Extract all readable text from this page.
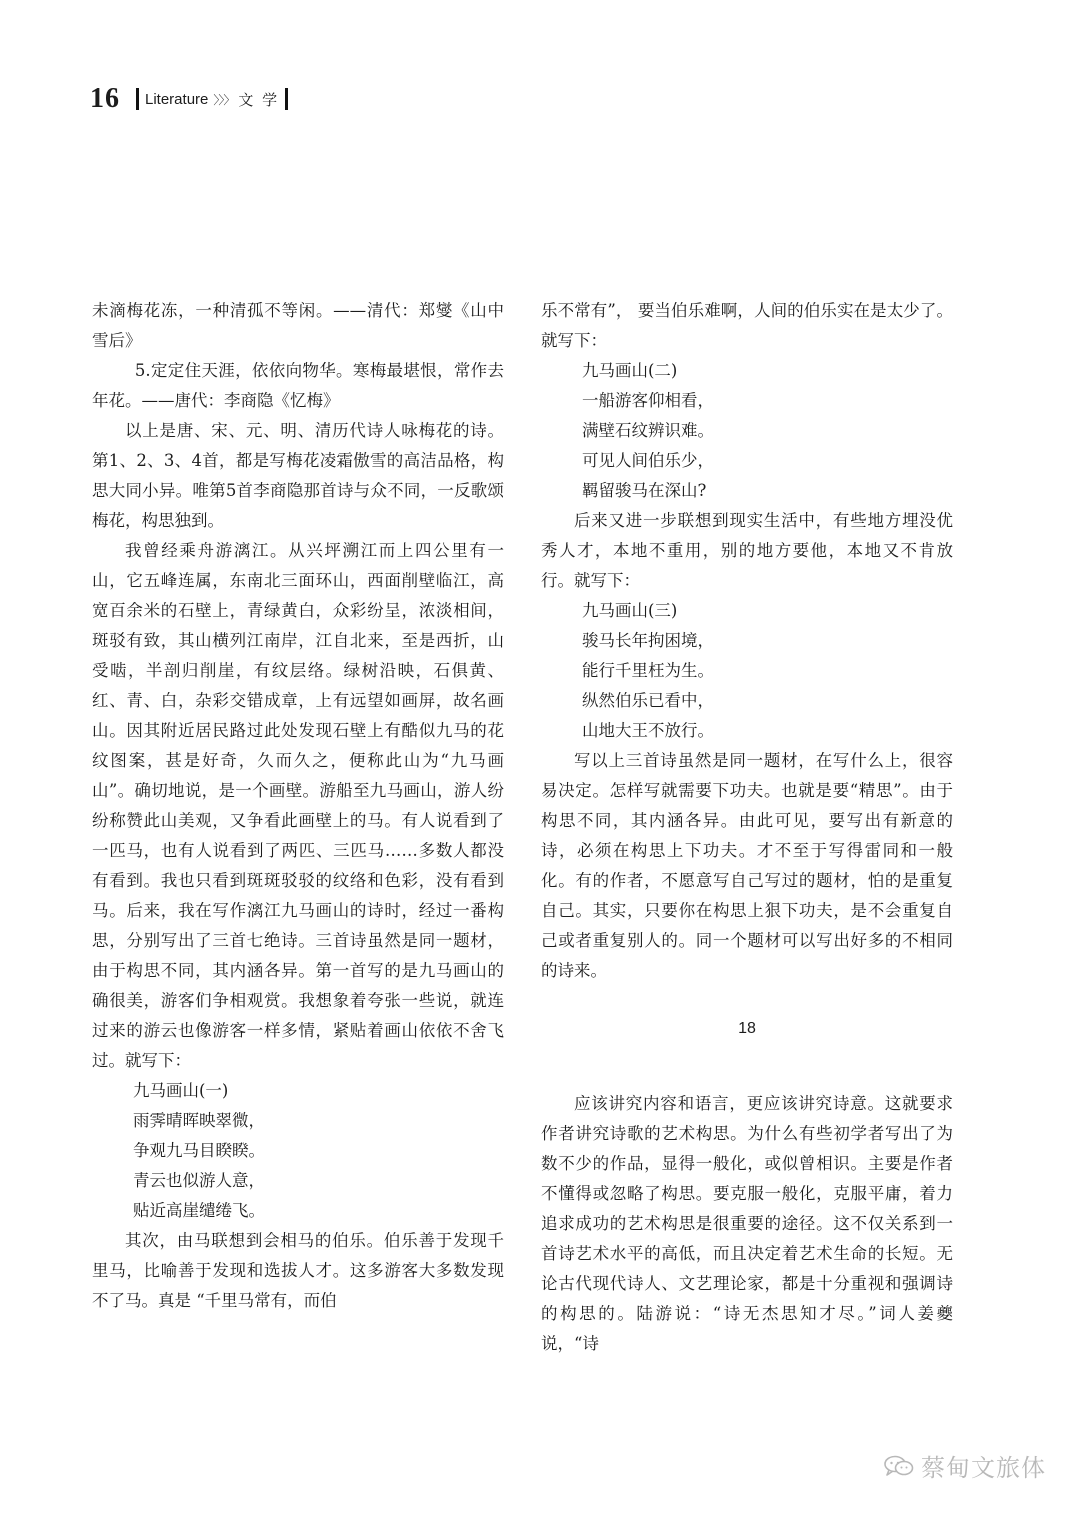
16 Literature 〉〉〉 文 学

未滴梅花冻，一种清孤不等闲。——清代：郑燮《山中雪后》

5.定定住天涯，依依向物华。寒梅最堪恨，常作去年花。——唐代：李商隐《忆梅》

以上是唐、宋、元、明、清历代诗人咏梅花的诗。第1、2、3、4首，都是写梅花凌霜傲雪的高洁品格，构思大同小异。唯第5首李商隐那首诗与众不同，一反歌颂梅花，构思独到。

我曾经乘舟游漓江。从兴坪溯江而上四公里有一山，它五峰连属，东南北三面环山，西面削壁临江，高宽百余米的石壁上，青绿黄白，众彩纷呈，浓淡相间，斑驳有致，其山横列江南岸，江自北来，至是西折，山受啮，半剖归削崖，有纹层络。绿树沿映，石俱黄、红、青、白，杂彩交错成章，上有远望如画屏，故名画山。因其附近居民路过此处发现石壁上有酷似九马的花纹图案，甚是好奇，久而久之，便称此山为“九马画山”。确切地说，是一个画壁。游船至九马画山，游人纷纷称赞此山美观，又争看此画壁上的马。有人说看到了一匹马，也有人说看到了两匹、三匹马……多数人都没有看到。我也只看到斑斑驳驳的纹络和色彩，没有看到马。后来，我在写作漓江九马画山的诗时，经过一番构思，分别写出了三首七绝诗。三首诗虽然是同一题材，由于构思不同，其内涵各异。第一首写的是九马画山的确很美，游客们争相观赏。我想象着夸张一些说，就连过来的游云也像游客一样多情，紧贴着画山依依不舍飞过。就写下：

九马画山(一)

雨霁晴晖映翠微，

争观九马目睽睽。

青云也似游人意，

贴近高崖缱绻飞。

其次，由马联想到会相马的伯乐。伯乐善于发现千里马，比喻善于发现和选拔人才。这多游客大多数发现不了马。真是 “千里马常有，而伯

乐不常有”， 要当伯乐难啊，人间的伯乐实在是太少了。就写下：

九马画山(二)

一船游客仰相看，

满壁石纹辨识难。

可见人间伯乐少，

羁留骏马在深山?

后来又进一步联想到现实生活中，有些地方埋没优秀人才，本地不重用，别的地方要他，本地又不肯放行。就写下：

九马画山(三)

骏马长年拘困境，

能行千里枉为生。

纵然伯乐已看中，

山地大王不放行。

写以上三首诗虽然是同一题材，在写什么上，很容易决定。怎样写就需要下功夫。也就是要“精思”。由于构思不同，其内涵各异。由此可见，要写出有新意的诗，必须在构思上下功夫。才不至于写得雷同和一般化。有的作者，不愿意写自己写过的题材，怕的是重复自己。其实，只要你在构思上狠下功夫，是不会重复自己或者重复别人的。同一个题材可以写出好多的不相同的诗来。

18

应该讲究内容和语言，更应该讲究诗意。这就要求作者讲究诗歌的艺术构思。为什么有些初学者写出了为数不少的作品，显得一般化，或似曾相识。主要是作者不懂得或忽略了构思。要克服一般化，克服平庸，着力追求成功的艺术构思是很重要的途径。这不仅关系到一首诗艺术水平的高低，而且决定着艺术生命的长短。无论古代现代诗人、文艺理论家，都是十分重视和强调诗的构思的。陆游说：“诗无杰思知才尽。”词人姜夔说，“诗

蔡甸文旅体
